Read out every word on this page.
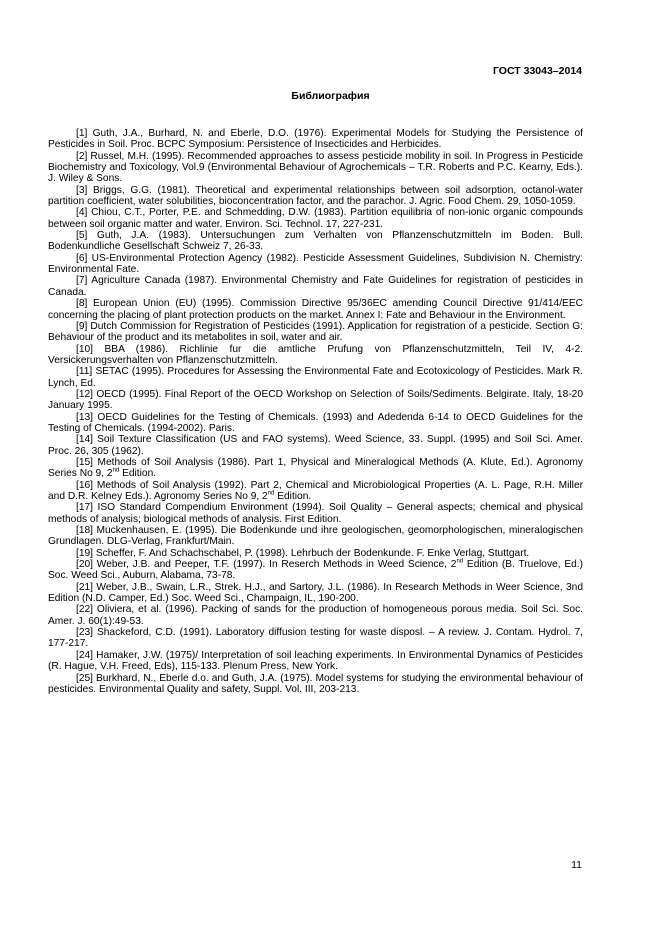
ГОСТ 33043–2014
Библиография

[1] Guth, J.A., Burhard, N. and Eberle, D.O. (1976). Experimental Models for Studying the Persistence of Pesticides in Soil. Proc. BCPC Symposium: Persistence of Insecticides and Herbicides.

[2] Russel, M.H. (1995). Recommended approaches to assess pesticide mobility in soil. In Progress in Pesticide Biochemistry and Toxicology, Vol.9 (Environmental Behaviour of Agrochemicals – T.R. Roberts and P.C. Kearny, Eds.). J. Wiley & Sons.

[3] Briggs, G.G. (1981). Theoretical and experimental relationships between soil adsorption, octanol-water partition coefficient, water solubilities, bioconcentration factor, and the parachor. J. Agric. Food Chem. 29, 1050-1059.

[4] Chiou, C.T., Porter, P.E. and Schmedding, D.W. (1983). Partition equilibria of non-ionic organic compounds between soil organic matter and water. Environ. Sci. Technol. 17, 227-231.

[5] Guth, J.A. (1983). Untersuchungen zum Verhalten von Pflanzenschutzmitteln im Boden. Bull. Bodenkundliche Gesellschaft Schweiz 7, 26-33.

[6] US-Environmental Protection Agency (1982). Pesticide Assessment Guidelines, Subdivision N. Chemistry: Environmental Fate.

[7] Agriculture Canada (1987). Environmental Chemistry and Fate Guidelines for registration of pesticides in Canada.

[8] European Union (EU) (1995). Commission Directive 95/36EC amending Council Directive 91/414/EEC concerning the placing of plant protection products on the market. Annex I: Fate and Behaviour in the Environment.

[9] Dutch Commission for Registration of Pesticides (1991). Application for registration of a pesticide. Section G: Behaviour of the product and its metabolites in soil, water and air.

[10] BBA (1986). Richlinie fur die amtliche Prufung von Pflanzenschutzmitteln, Teil IV, 4-2. Versickerungsverhalten von Pflanzenschutzmitteln.

[11] SETAC (1995). Procedures for Assessing the Environmental Fate and Ecotoxicology of Pesticides. Mark R. Lynch, Ed.

[12] OECD (1995). Final Report of the OECD Workshop on Selection of Soils/Sediments. Belgirate. Italy, 18-20 January 1995.

[13] OECD Guidelines for the Testing of Chemicals. (1993) and Adedenda 6-14 to OECD Guidelines for the Testing of Chemicals. (1994-2002). Paris.

[14] Soil Texture Classification (US and FAO systems). Weed Science, 33. Suppl. (1995) and Soil Sci. Amer. Proc. 26, 305 (1962).

[15] Methods of Soil Analysis (1986). Part 1, Physical and Mineralogical Methods (A. Klute, Ed.). Agronomy Series No 9, 2nd Edition.

[16] Methods of Soil Analysis (1992). Part 2, Chemical and Microbiological Properties (A. L. Page, R.H. Miller and D.R. Kelney Eds.). Agronomy Series No 9, 2nd Edition.

[17] ISO Standard Compendium Environment (1994). Soil Quality – General aspects; chemical and physical methods of analysis; biological methods of analysis. First Edition.

[18] Muckenhausen, E. (1995). Die Bodenkunde und ihre geologischen, geomorphologischen, mineralogischen Grundlagen. DLG-Verlag, Frankfurt/Main.

[19] Scheffer, F. And Schachschabel, P. (1998). Lehrbuch der Bodenkunde. F. Enke Verlag, Stuttgart.

[20] Weber, J.B. and Peeper, T.F. (1997). In Reserch Methods in Weed Science, 2nd Edition (B. Truelove, Ed.) Soc. Weed Sci., Auburn, Alabama, 73-78.

[21] Weber, J.B., Swain, L.R., Strek. H.J., and Sartory, J.L. (1986). In Research Methods in Weer Science, 3nd Edition (N.D. Camper, Ed.) Soc. Weed Sci., Champaign, IL, 190-200.

[22] Oliviera, et al. (1996). Packing of sands for the production of homogeneous porous media. Soil Sci. Soc. Amer. J. 60(1):49-53.

[23] Shackeford, C.D. (1991). Laboratory diffusion testing for waste disposl. – A review. J. Contam. Hydrol. 7, 177-217.

[24] Hamaker, J.W. (1975)/ Interpretation of soil leaching experiments. In Environmental Dynamics of Pesticides (R. Hague, V.H. Freed, Eds), 115-133. Plenum Press, New York.

[25] Burkhard, N., Eberle d.o. and Guth, J.A. (1975). Model systems for studying the environmental behaviour of pesticides. Environmental Quality and safety, Suppl. Vol. III, 203-213.

11
